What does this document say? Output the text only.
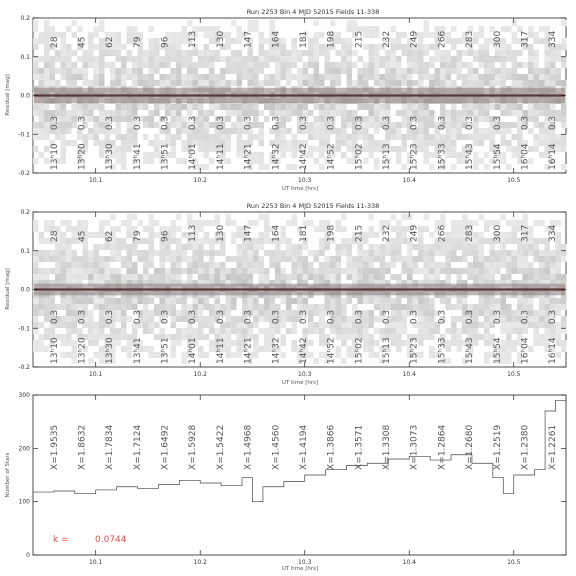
Run 2253 Bin 4 MJD 52015 Fields 11-338
28
0.3
13ʰ10
45
0.3
13ʰ20
62
0.3
13ʰ30
79
0.3
13ʰ41
96
0.3
13ʰ51
113
0.3
14ʰ01
130
0.3
14ʰ11
147
0.3
14ʰ21
164
0.3
14ʰ32
181
0.3
14ʰ42
198
0.3
14ʰ52
215
0.3
15ʰ02
232
0.3
15ʰ13
249
0.3
15ʰ23
266
0.3
15ʰ33
283
0.3
15ʰ43
300
0.3
15ʰ54
317
0.3
16ʰ04
334
0.3
16ʰ14
10.1	10.2	10.3	10.4	10.5
-0.2
-0.1
0.0
0.1
0.2
UT time [hrs]
Residual [mag]
Run 2253 Bin 4 MJD 52015 Fields 11-338
28
0.3
13ʰ10
45
0.3
13ʰ20
62
0.3
13ʰ30
79
0.3
13ʰ41
96
0.3
13ʰ51
113
0.3
14ʰ01
130
0.3
14ʰ11
147
0.3
14ʰ21
164
0.3
14ʰ32
181
0.3
14ʰ42
198
0.3
14ʰ52
215
0.3
15ʰ02
232
0.3
15ʰ13
249
0.3
15ʰ23
266
0.3
15ʰ33
283
0.3
15ʰ43
300
0.3
15ʰ54
317
0.3
16ʰ04
334
0.3
16ʰ14
10.1	10.2	10.3	10.4	10.5
-0.2
-0.1
0.0
0.1
0.2
UT time [hrs]
Residual [mag]
X=1.9535 X=1.8632 X=1.7834 X=1.7124 X=1.6492 X=1.5928 X=1.5422 X=1.4968 X=1.4560 X=1.4194 X=1.3866 X=1.3571 X=1.3308 X=1.3073 X=1.2864 X=1.2680 X=1.2519 X=1.2380 X=1.2261
10.1	10.2	10.3	10.4	10.5
0
100
200
300
k =	0.0744
UT time [hrs]
Number of Stars
